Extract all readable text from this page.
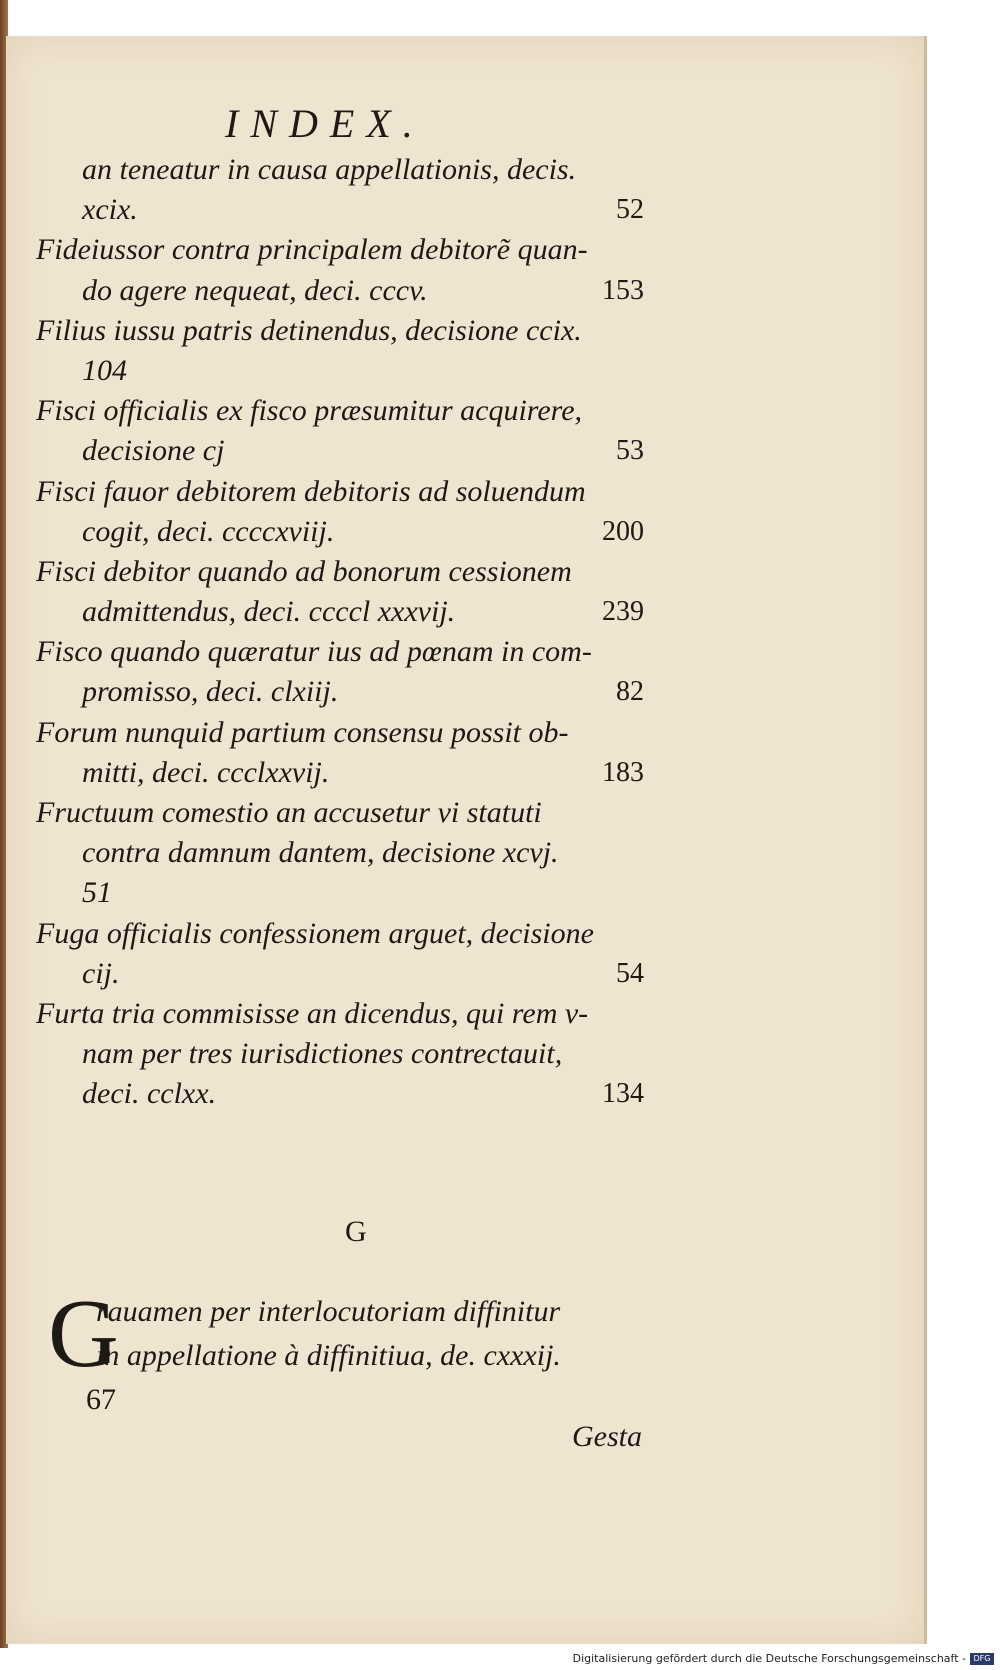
INDEX.
an teneatur in causa appellationis, decis.
xcix.	52
Fideiussor contra principalem debitorẽ quan-
do agere nequeat, deci. cccv.	153
Filius iussu patris detinendus, decisione ccix.
104
Fisci officialis ex fisco præsumitur acquirere,
decisione cj	53
Fisci fauor debitorem debitoris ad soluendum
cogit, deci. ccccxviij.	200
Fisci debitor quando ad bonorum cessionem
admittendus, deci. ccccl xxxvij.	239
Fisco quando quæratur ius ad pœnam in com-
promisso, deci. clxiij.	82
Forum nunquid partium consensu possit ob-
mitti, deci. ccclxxvij.	183
Fructuum comestio an accusetur vi statuti
contra damnum dantem, decisione xcvj.
51
Fuga officialis confessionem arguet, decisione
cij.	54
Furta tria commisisse an dicendus, qui rem v-
nam per tres iurisdictiones contrectauit,
deci. cclxx.	134
G
G
rauamen per interlocutoriam diffinitur
in appellatione à diffinitiua, de. cxxxij.
67
Gesta
Digitalisierung gefördert durch die Deutsche Forschungsgemeinschaft - DFG
